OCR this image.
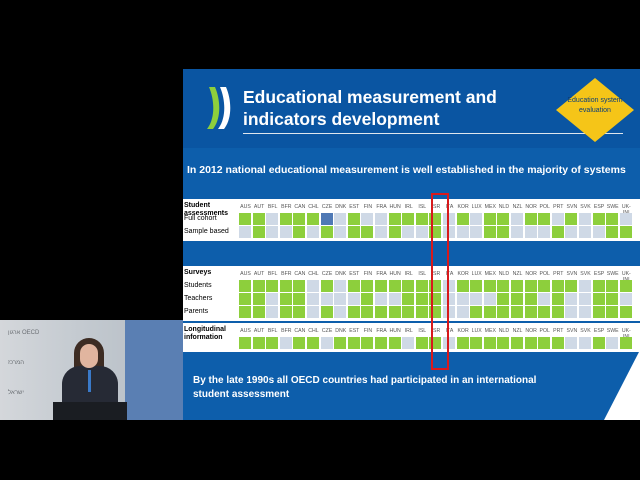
Educational measurement and indicators development
Education system evaluation
In 2012 national educational measurement is well established in the majority of systems
Student assessments
AUS AUT BFL BFR CAN CHL CZE DNK EST FIN FRA HUN IRL	ISL	ISR	ITA KOR LUX MEX NLD NZL NOR POL PRT SVN SVK ESP SWE UK-
Full cohort
Sample based
Surveys	AUS AUT BFL BFR CAN CHL CZE DNK EST FIN FRA HUN IRL	ISL	ISR	ITA KOR LUX MEX NLD NZL NOR POL PRT SVN SVK ESP SWE UK-
Students
Teachers
Parents
Longitudinal information
AUS AUT BFL BFR CAN CHL CZE DNK EST FIN FRA HUN IRL	ISL	ISR	ITA KOR LUX MEX NLD NZL NOR POL PRT SVN SVK ESP SWE UK-
By the late 1990s all OECD countries had participated in an international student assessment
ארגון OECD
המרכז
ישראל
